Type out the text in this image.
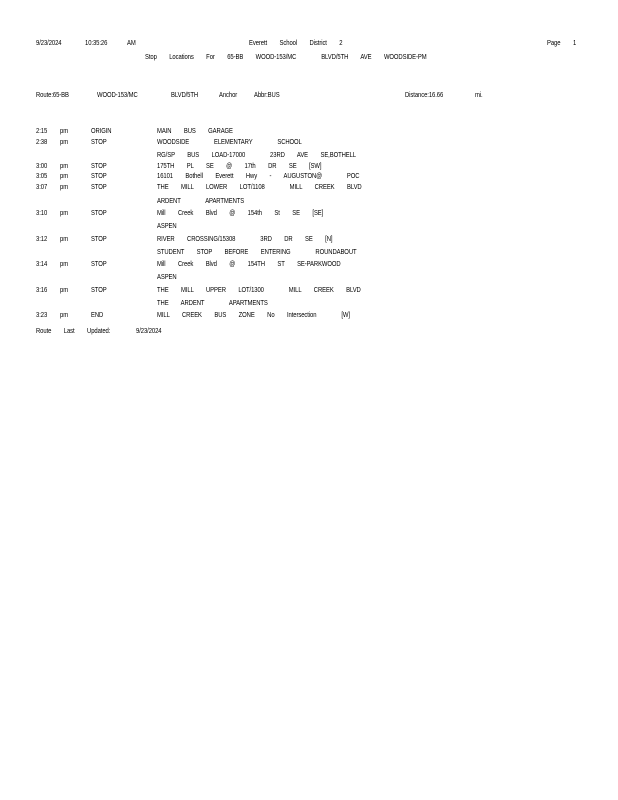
9/23/2024	10:35:26	AM	Everett        School        District        2	Page 1
Stop        Locations        For        65-BB        WOOD-153/MC                BLVD/5TH        AVE        WOODSIDE-PM
Route:65-BB	WOOD-153/MC	BLVD/5TH	Anchor Abbr:BUS	Distance:16.66	mi.
2:15 pm	ORIGIN	MAIN        BUS        GARAGE
2:38 pm	STOP	WOODSIDE                ELEMENTARY                SCHOOL
RG/SP        BUS        LOAD-17000                23RD        AVE        SE,BOTHELL
3:00 pm	STOP	175TH        PL        SE        @        17th        DR        SE        [SW]
3:05 pm	STOP	16101        Bothell        Everett        Hwy        -        AUGUSTON@                POC
3:07 pm	STOP	THE        MILL        LOWER        LOT/1108                MILL        CREEK        BLVD
ARDENT                APARTMENTS
3:10 pm	STOP	Mill        Creek        Blvd        @        154th        St        SE        [SE]
ASPEN
3:12 pm	STOP	RIVER        CROSSING/15308                3RD        DR        SE        [N]
STUDENT        STOP        BEFORE        ENTERING                ROUNDABOUT
3:14 pm	STOP	Mill        Creek        Blvd        @        154TH        ST        SE-PARKWOOD
ASPEN
3:16 pm	STOP	THE        MILL        UPPER        LOT/1300                MILL        CREEK        BLVD
THE        ARDENT                APARTMENTS
3:23 pm	END	MILL        CREEK        BUS        ZONE        No        Intersection                [W]
Route        Last        Updated:	9/23/2024
